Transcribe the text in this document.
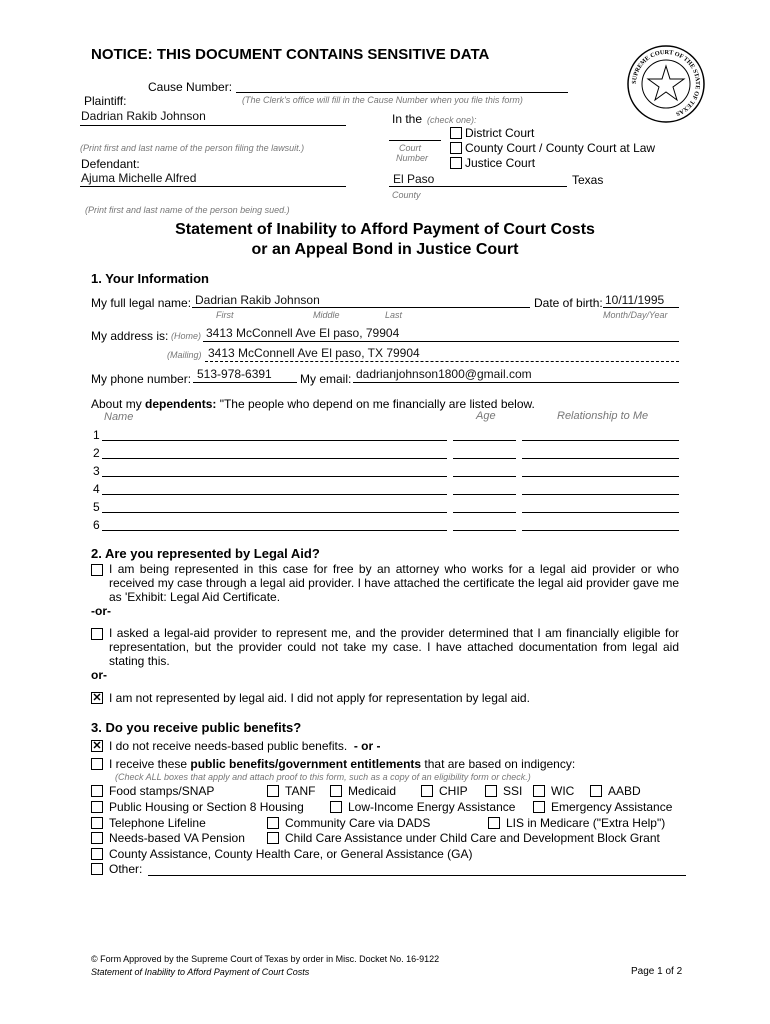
NOTICE: THIS DOCUMENT CONTAINS SENSITIVE DATA
SUPREME COURT OF THE STATE OF TEXAS
Cause Number:
(The Clerk's office will fill in the Cause Number when you file this form)
Plaintiff:
Dadrian Rakib Johnson
(Print first and last name of the person filing the lawsuit.)
Defendant:
Ajuma Michelle Alfred
(Print first and last name of the person being sued.)
In the (check one):
Court
Number
District Court
County Court / County Court at Law
Justice Court
El Paso
County
Texas
Statement of Inability to Afford Payment of Court Costs
or an Appeal Bond in Justice Court
1. Your Information
My full legal name: Dadrian Rakib Johnson
First	Middle	Last
Date of birth: 10/11/1995
Month/Day/Year
My address is: (Home) 3413 McConnell Ave El paso, 79904
(Mailing) 3413 McConnell Ave El paso, TX 79904
My phone number: 513-978-6391 My email: dadrianjohnson1800@gmail.com
About my dependents: "The people who depend on me financially are listed below.
Name	Age	Relationship to Me
1
2
3
4
5
6
2. Are you represented by Legal Aid?
I am being represented in this case for free by an attorney who works for a legal aid provider or who received my case through a legal aid provider. I have attached the certificate the legal aid provider gave me as 'Exhibit: Legal Aid Certificate.
-or-
I asked a legal-aid provider to represent me, and the provider determined that I am financially eligible for representation, but the provider could not take my case. I have attached documentation from legal aid stating this.
or-
✕ I am not represented by legal aid. I did not apply for representation by legal aid.
3. Do you receive public benefits?
✕ I do not receive needs-based public benefits. - or -
I receive these public benefits/government entitlements that are based on indigency:
(Check ALL boxes that apply and attach proof to this form, such as a copy of an eligibility form or check.)
Food stamps/SNAP	TANF	Medicaid	CHIP	SSI WIC	AABD
Public Housing or Section 8 Housing	Low-Income Energy Assistance	Emergency Assistance
Telephone Lifeline	Community Care via DADS	LIS in Medicare ("Extra Help")
Needs-based VA Pension	Child Care Assistance under Child Care and Development Block Grant
County Assistance, County Health Care, or General Assistance (GA)
Other:
© Form Approved by the Supreme Court of Texas by order in Misc. Docket No. 16-9122
Statement of Inability to Afford Payment of Court Costs	Page 1 of 2
